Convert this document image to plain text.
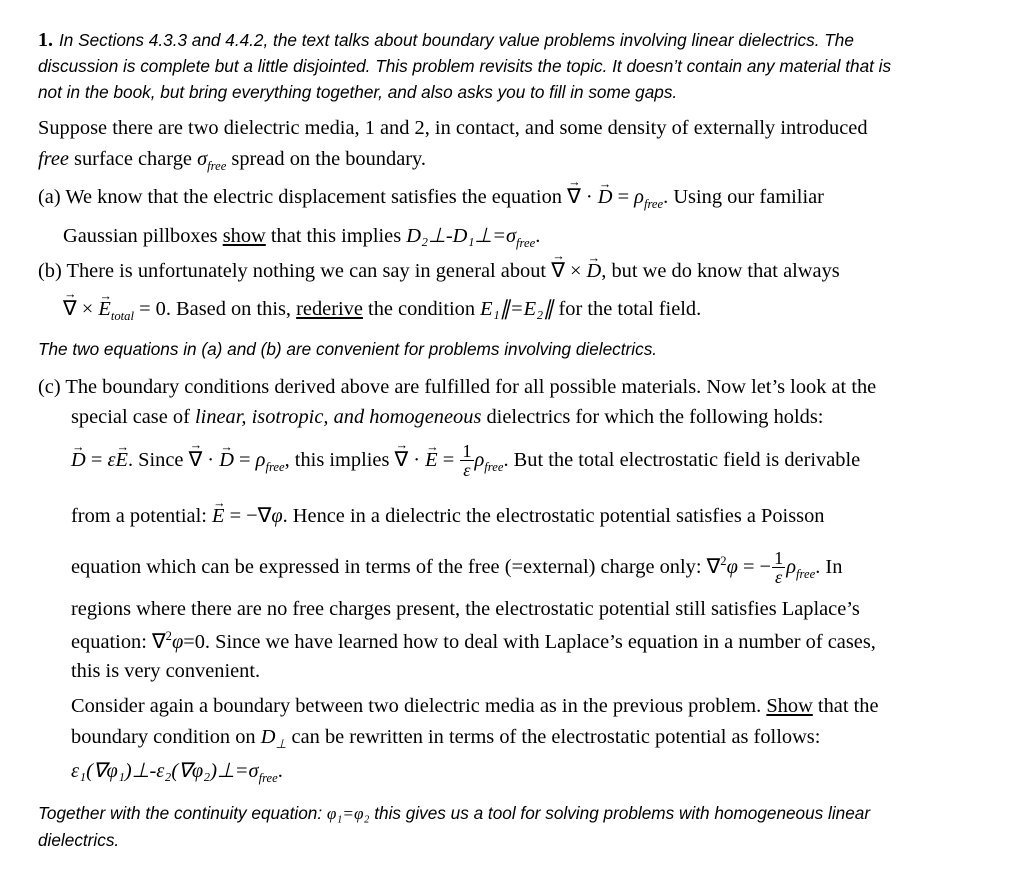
1. In Sections 4.3.3 and 4.4.2, the text talks about boundary value problems involving linear dielectrics. The
discussion is complete but a little disjointed. This problem revisits the topic. It doesn’t contain any material that is
not in the book, but bring everything together, and also asks you to fill in some gaps.
Suppose there are two dielectric media, 1 and 2, in contact, and some density of externally introduced
free surface charge $\sigma_{free}$ spread on the boundary.
(a) We know that the electric displacement satisfies the equation → ∇ · → $D = \rho_{free}$. Using our familiar
Gaussian pillboxes show that this implies $D_2\perp-D_1\perp=\sigma_{free}$.
(b) There is unfortunately nothing we can say in general about → ∇ × → D, but we do know that always
→ ∇ × → $E_{total} = 0$. Based on this, rederive the condition E₁∥=E₂∥ for the total field.
The two equations in (a) and (b) are convenient for problems involving dielectrics.
(c) The boundary conditions derived above are fulfilled for all possible materials. Now let’s look at the
special case of linear, isotropic, and homogeneous dielectrics for which the following holds:
→ D = ε→ E. Since → ∇ · → $D = \rho_{free}$, this implies → ∇ · → $E = \frac{1}{\varepsilon} \rho_{free}$. But the total electrostatic field is derivable
from a potential: → E = −∇φ. Hence in a dielectric the electrostatic potential satisfies a Poisson
equation which can be expressed in terms of the free (=external) charge only: ∇$^2$φ = − $\frac{1}{\varepsilon} \rho_{free}$. In
regions where there are no free charges present, the electrostatic potential still satisfies Laplace’s
equation: ∇$^2$φ=0. Since we have learned how to deal with Laplace’s equation in a number of cases,
this is very convenient.
Consider again a boundary between two dielectric media as in the previous problem. Show that the
boundary condition on $D_\perp$ can be rewritten in terms of the electrostatic potential as follows:
$\varepsilon_1(\nabla\varphi_1)\perp-\varepsilon_2(\nabla\varphi_2)\perp=\sigma_{free}$.
Together with the continuity equation: φ₁=φ₂ this gives us a tool for solving problems with homogeneous linear
dielectrics.
